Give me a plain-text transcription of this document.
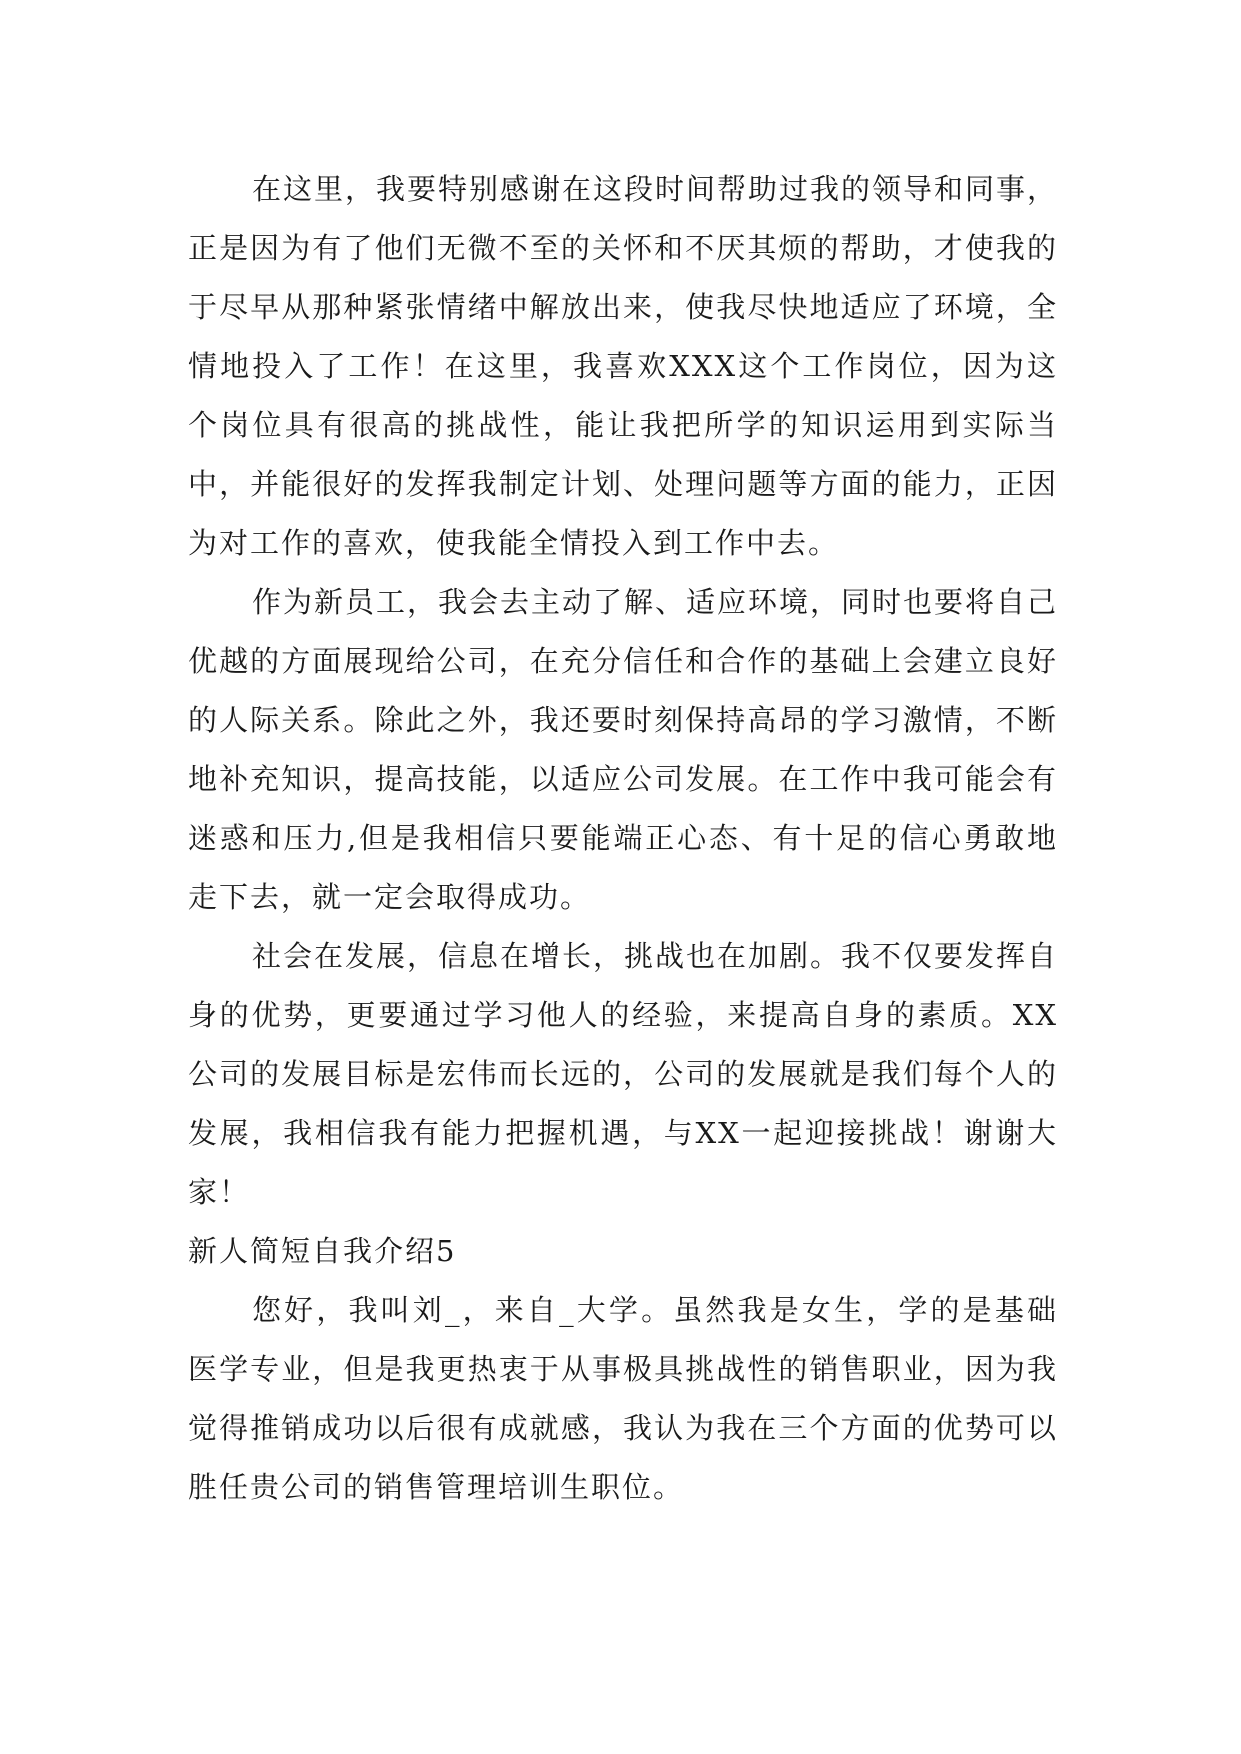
在这里，我要特别感谢在这段时间帮助过我的领导和同事，正是因为有了他们无微不至的关怀和不厌其烦的帮助，才使我的于尽早从那种紧张情绪中解放出来，使我尽快地适应了环境，全情地投入了工作！在这里，我喜欢XXX这个工作岗位，因为这个岗位具有很高的挑战性，能让我把所学的知识运用到实际当中，并能很好的发挥我制定计划、处理问题等方面的能力，正因为对工作的喜欢，使我能全情投入到工作中去。

作为新员工，我会去主动了解、适应环境，同时也要将自己优越的方面展现给公司，在充分信任和合作的基础上会建立良好的人际关系。除此之外，我还要时刻保持高昂的学习激情，不断地补充知识，提高技能，以适应公司发展。在工作中我可能会有迷惑和压力,但是我相信只要能端正心态、有十足的信心勇敢地走下去，就一定会取得成功。

社会在发展，信息在增长，挑战也在加剧。我不仅要发挥自身的优势，更要通过学习他人的经验，来提高自身的素质。XX公司的发展目标是宏伟而长远的，公司的发展就是我们每个人的发展，我相信我有能力把握机遇，与XX一起迎接挑战！谢谢大家！

新人简短自我介绍5

您好，我叫刘_，来自_大学。虽然我是女生，学的是基础医学专业，但是我更热衷于从事极具挑战性的销售职业，因为我觉得推销成功以后很有成就感，我认为我在三个方面的优势可以胜任贵公司的销售管理培训生职位。
